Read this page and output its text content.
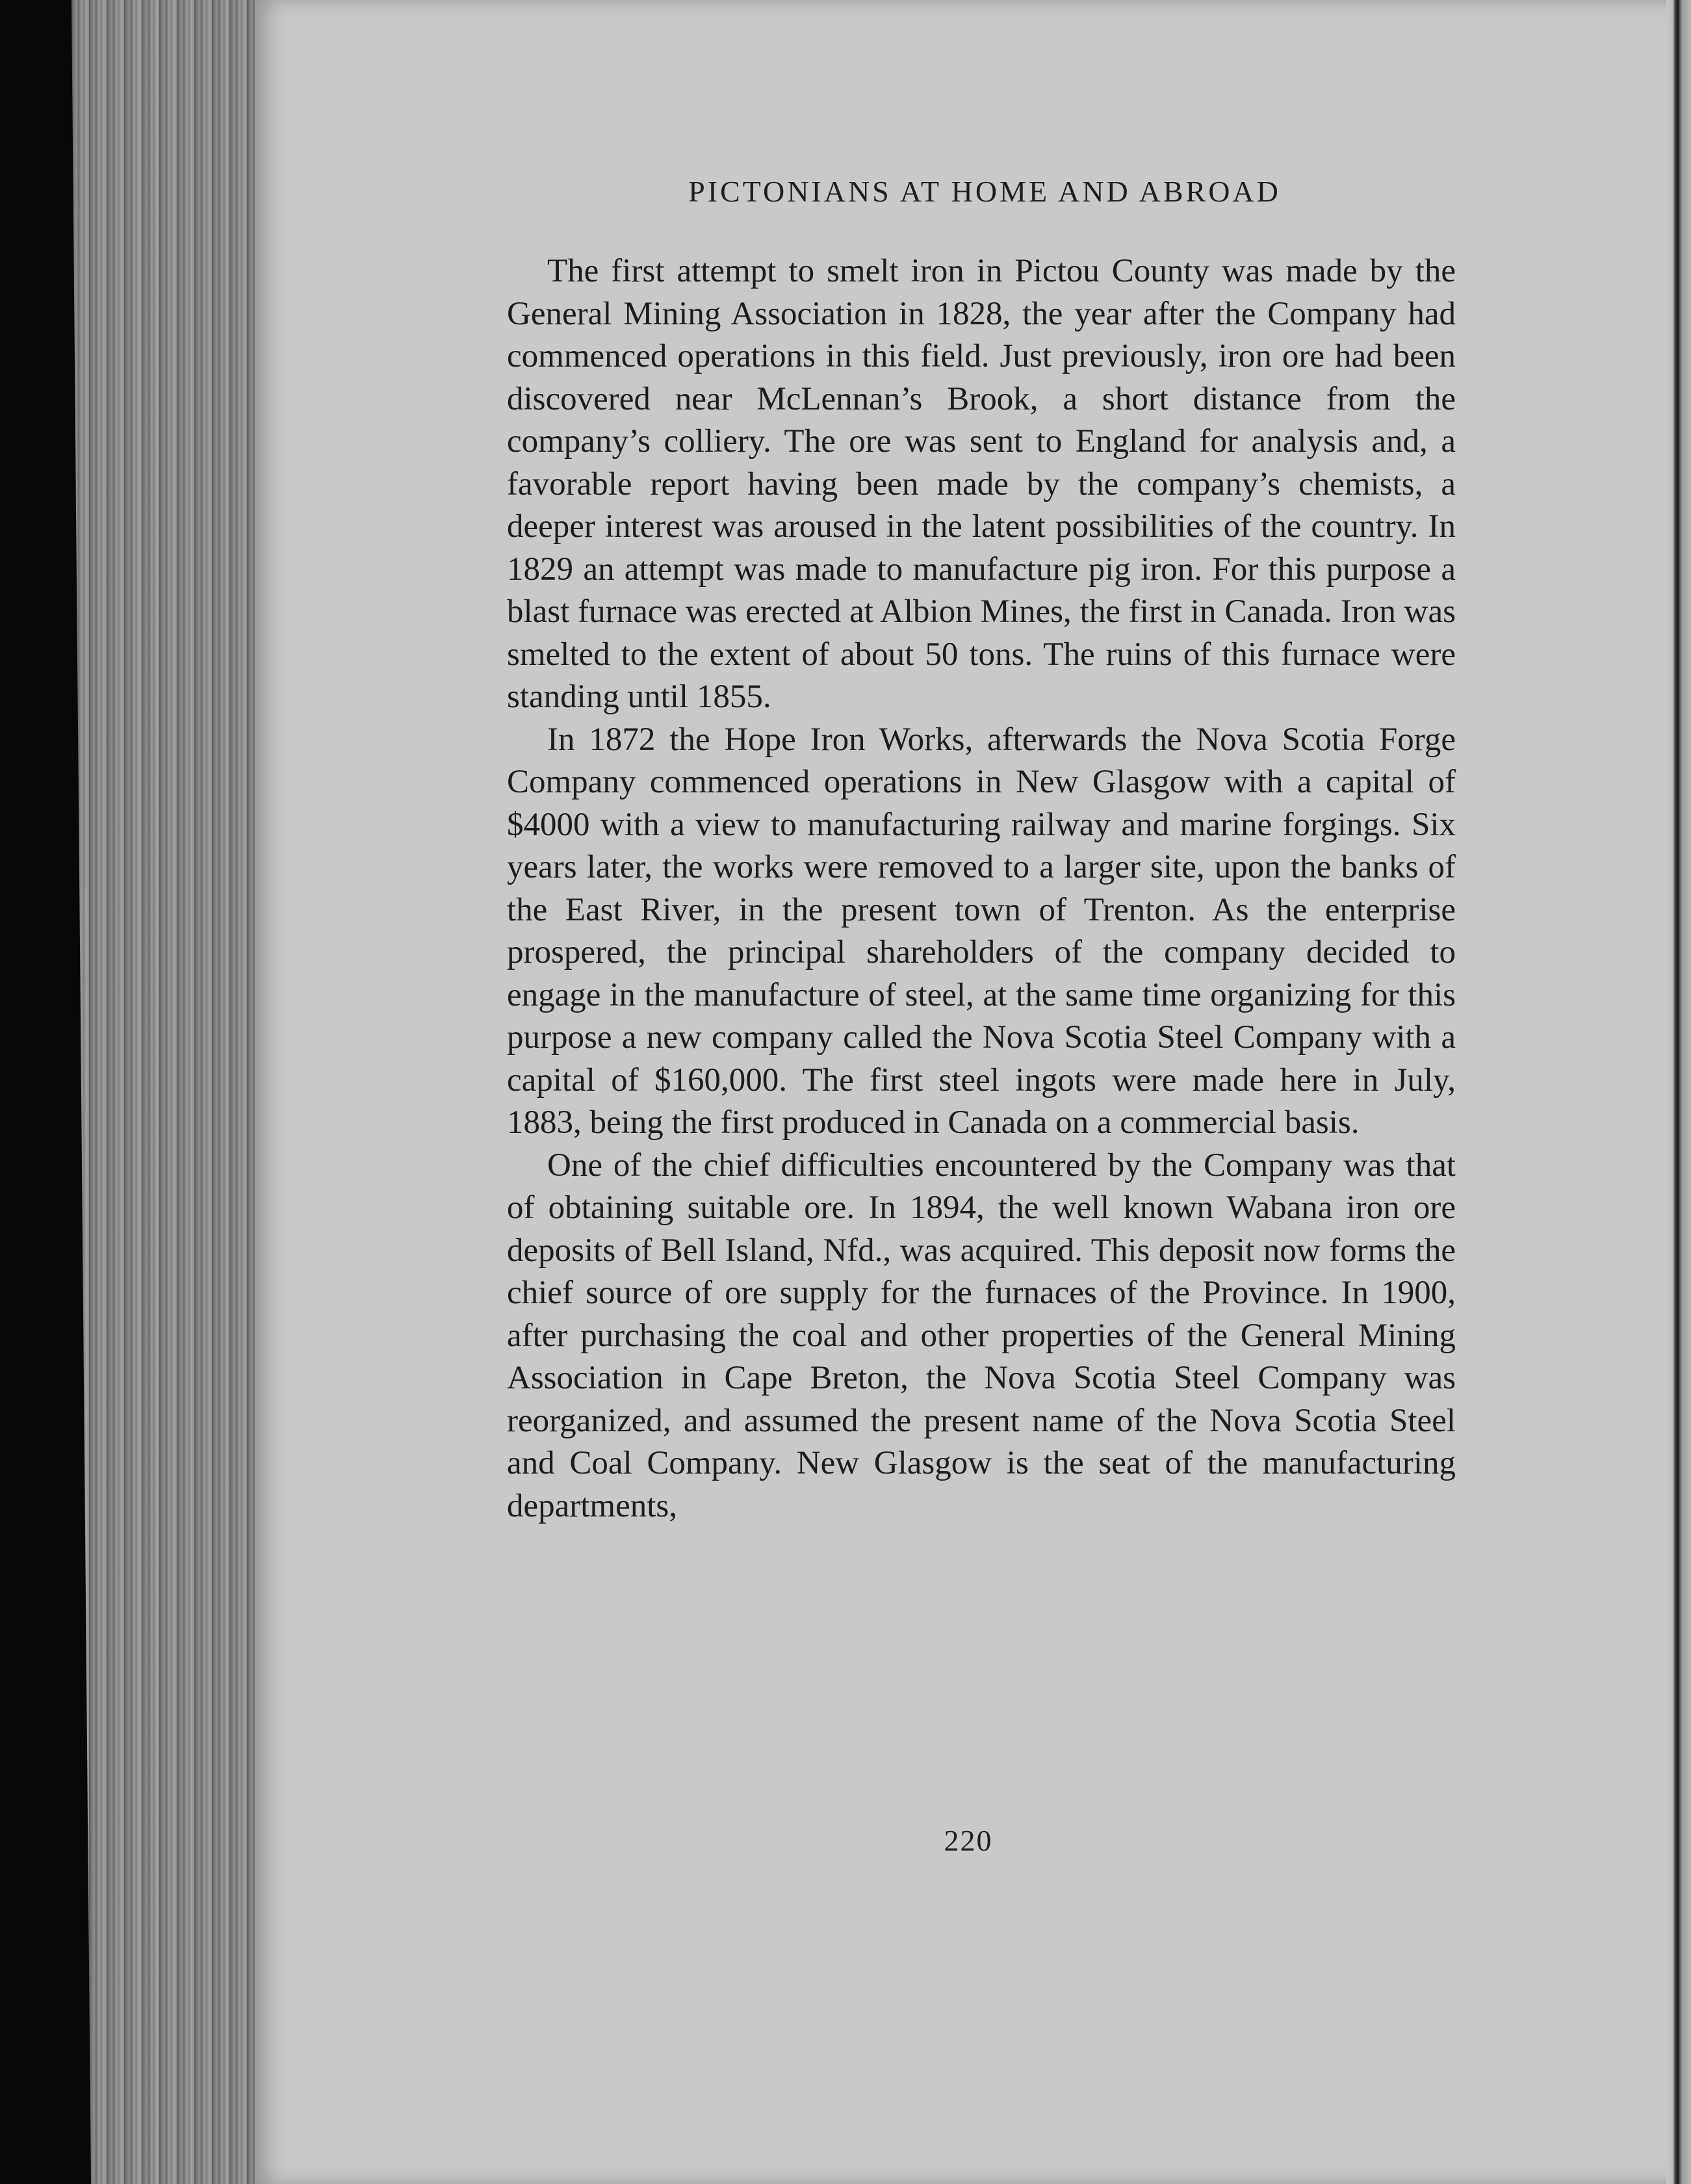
PICTONIANS AT HOME AND ABROAD

The first attempt to smelt iron in Pictou County was made by the General Mining Association in 1828, the year after the Company had commenced operations in this field. Just previously, iron ore had been discovered near McLennan’s Brook, a short distance from the company’s colliery. The ore was sent to England for analysis and, a favorable report having been made by the company’s chemists, a deeper interest was aroused in the latent possibilities of the country. In 1829 an attempt was made to manufacture pig iron. For this purpose a blast furnace was erected at Albion Mines, the first in Canada. Iron was smelted to the extent of about 50 tons. The ruins of this furnace were standing until 1855.

In 1872 the Hope Iron Works, afterwards the Nova Scotia Forge Company commenced operations in New Glasgow with a capital of $4000 with a view to manufacturing railway and marine forgings. Six years later, the works were removed to a larger site, upon the banks of the East River, in the present town of Trenton. As the enterprise prospered, the principal shareholders of the company decided to engage in the manufacture of steel, at the same time organizing for this purpose a new company called the Nova Scotia Steel Company with a capital of $160,000. The first steel ingots were made here in July, 1883, being the first produced in Canada on a commercial basis.

One of the chief difficulties encountered by the Company was that of obtaining suitable ore. In 1894, the well known Wabana iron ore deposits of Bell Island, Nfd., was acquired. This deposit now forms the chief source of ore supply for the furnaces of the Province. In 1900, after purchasing the coal and other properties of the General Mining Association in Cape Breton, the Nova Scotia Steel Company was reorganized, and assumed the present name of the Nova Scotia Steel and Coal Company. New Glasgow is the seat of the manufacturing departments,

220
